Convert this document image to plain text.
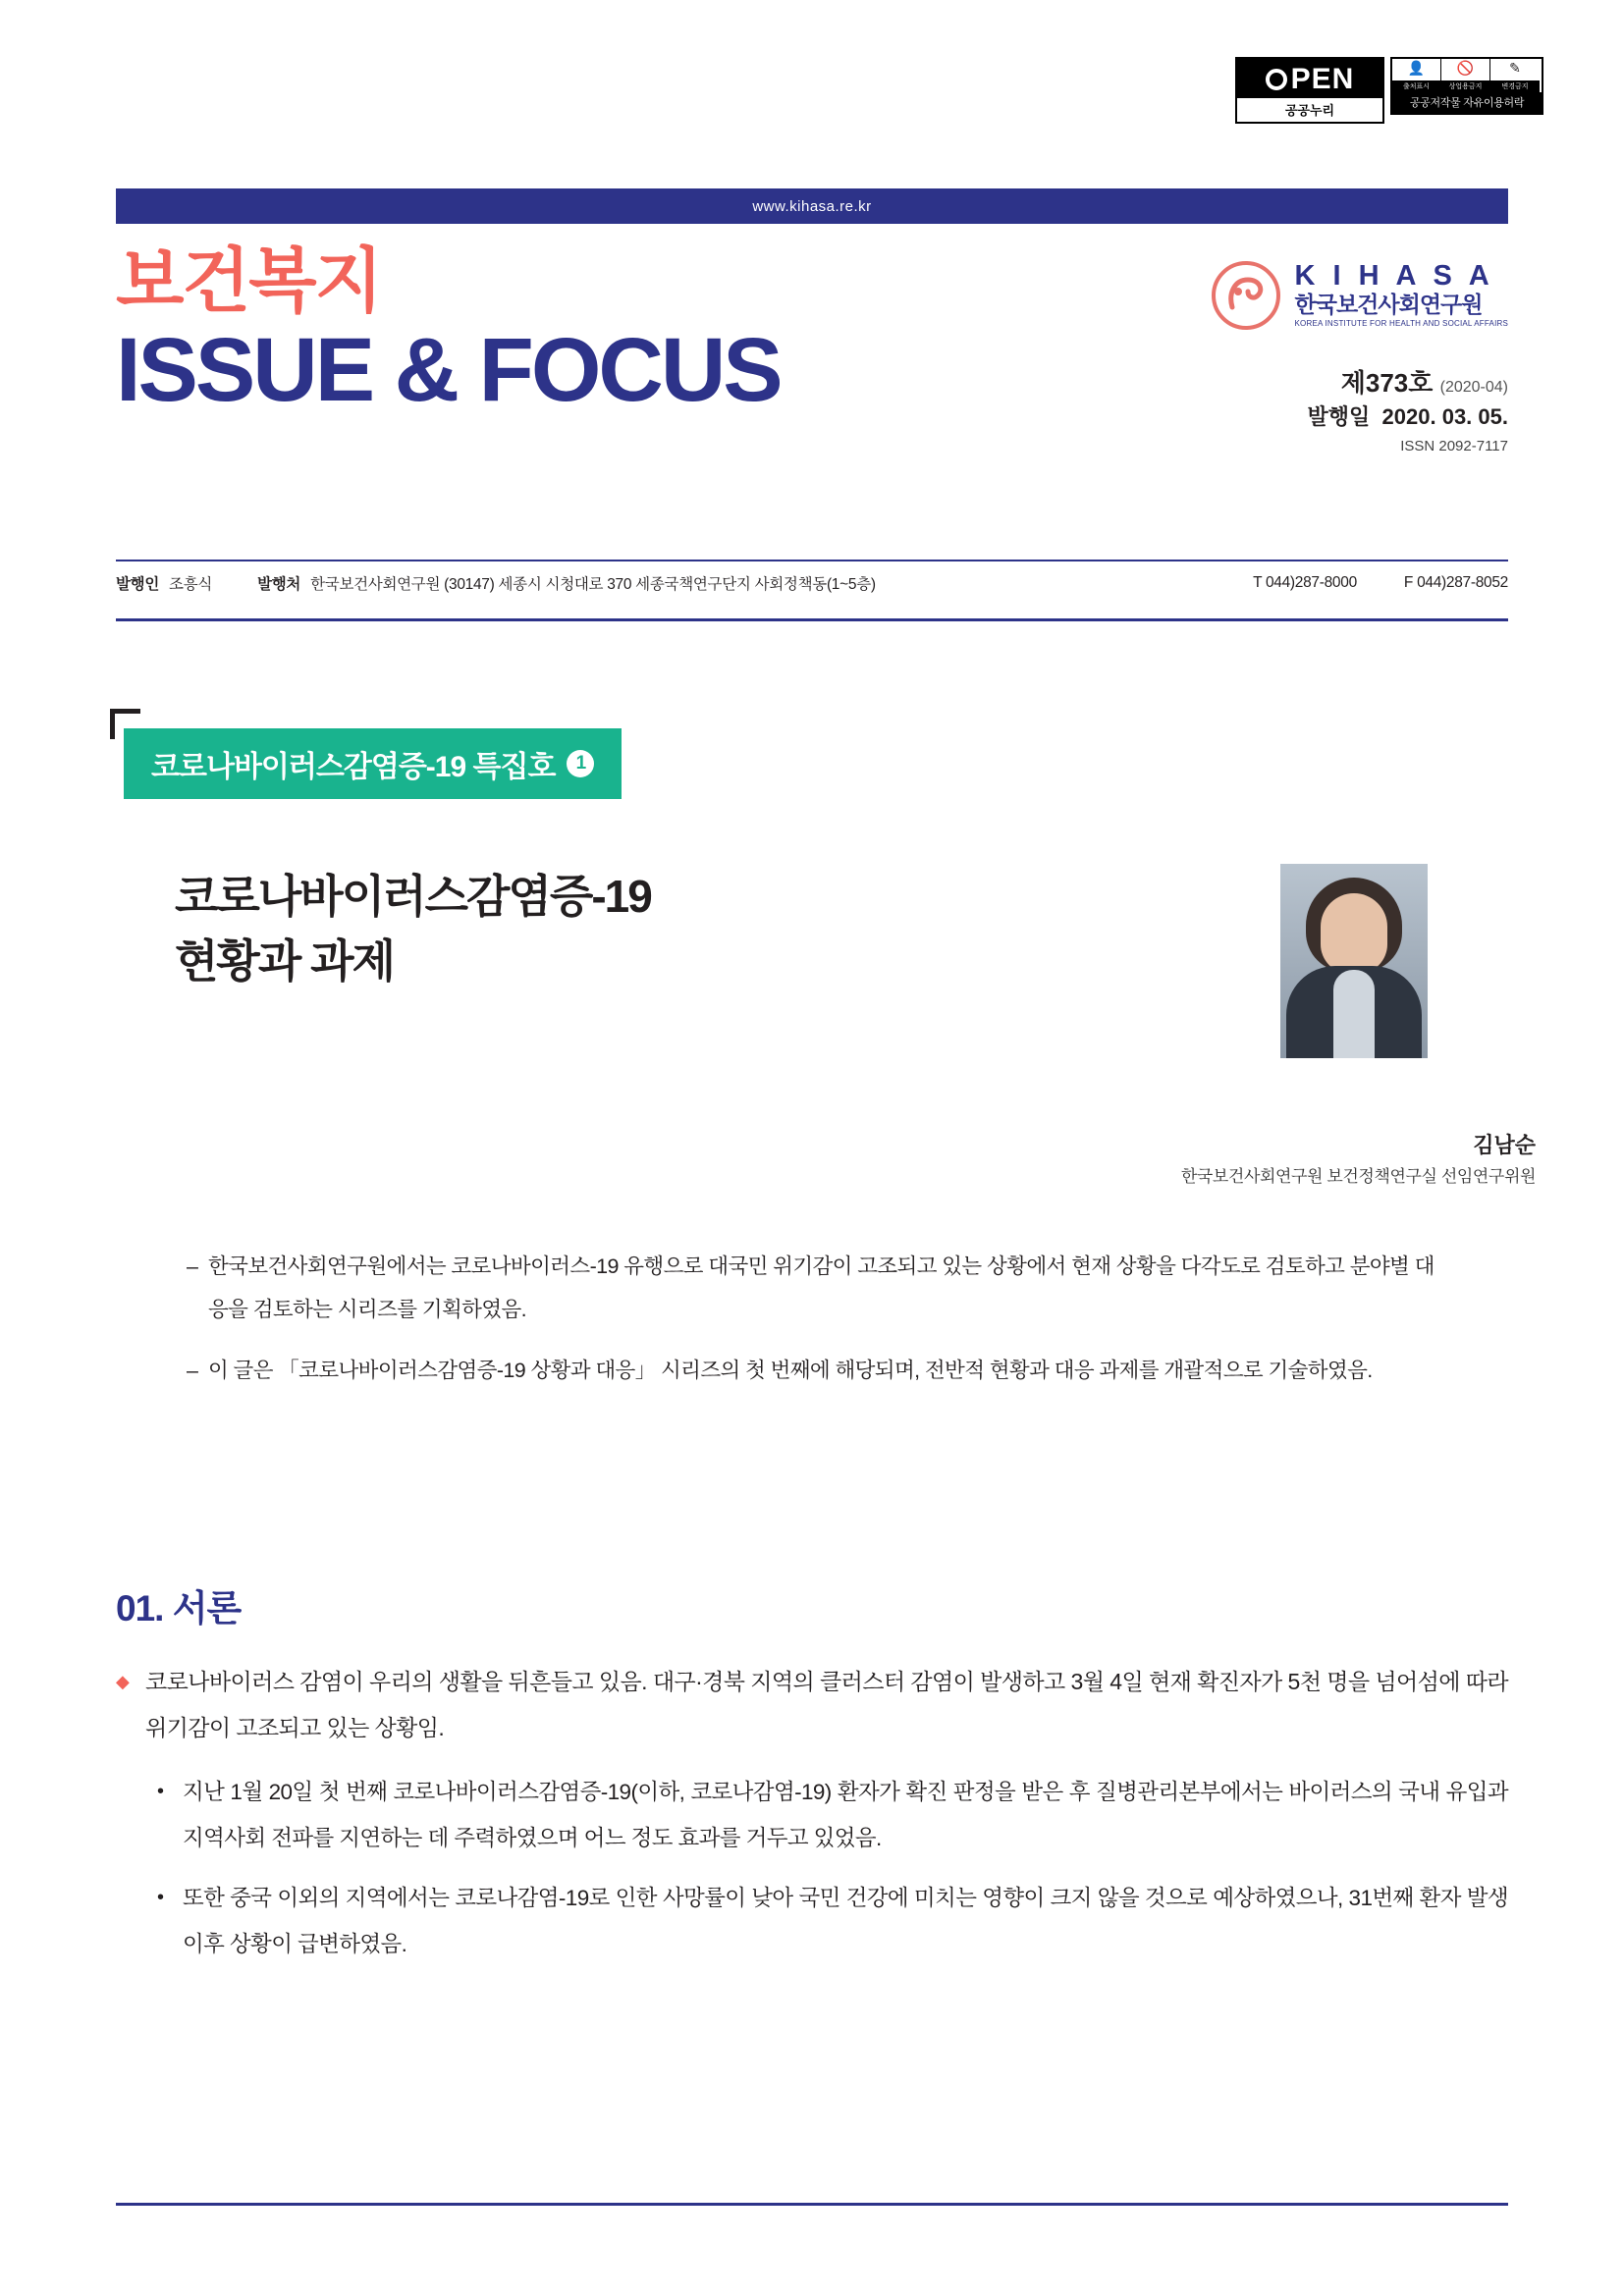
PEN
공공누리
👤
출처표시
🚫
상업용금지
✎
변경금지
공공저작물 자유이용허락
www.kihasa.re.kr
보건복지
ISSUE & FOCUS
K I H A S A
한국보건사회연구원
KOREA INSTITUTE FOR HEALTH AND SOCIAL AFFAIRS
제373호 (2020-04)
발행일 2020. 03. 05.
ISSN 2092-7117
발행인 조흥식	발행처 한국보건사회연구원 (30147) 세종시 시청대로 370 세종국책연구단지 사회정책동(1~5층)	T 044)287-8000	F 044)287-8052
코로나바이러스감염증-19 특집호	1
코로나바이러스감염증-19
현황과 과제
김남순
한국보건사회연구원 보건정책연구실 선임연구위원
– 한국보건사회연구원에서는 코로나바이러스-19 유행으로 대국민 위기감이 고조되고 있는 상황에서 현재 상황을 다각도로 검토하고 분야별 대응을 검토하는 시리즈를 기획하였음.
– 이 글은 「코로나바이러스감염증-19 상황과 대응」 시리즈의 첫 번째에 해당되며, 전반적 현황과 대응 과제를 개괄적으로 기술하였음.
01. 서론
◆ 코로나바이러스 감염이 우리의 생활을 뒤흔들고 있음. 대구·경북 지역의 클러스터 감염이 발생하고 3월 4일 현재 확진자가 5천 명을 넘어섬에 따라 위기감이 고조되고 있는 상황임.
• 지난 1월 20일 첫 번째 코로나바이러스감염증-19(이하, 코로나감염-19) 환자가 확진 판정을 받은 후 질병관리본부에서는 바이러스의 국내 유입과 지역사회 전파를 지연하는 데 주력하였으며 어느 정도 효과를 거두고 있었음.
• 또한 중국 이외의 지역에서는 코로나감염-19로 인한 사망률이 낮아 국민 건강에 미치는 영향이 크지 않을 것으로 예상하였으나, 31번째 환자 발생 이후 상황이 급변하였음.
